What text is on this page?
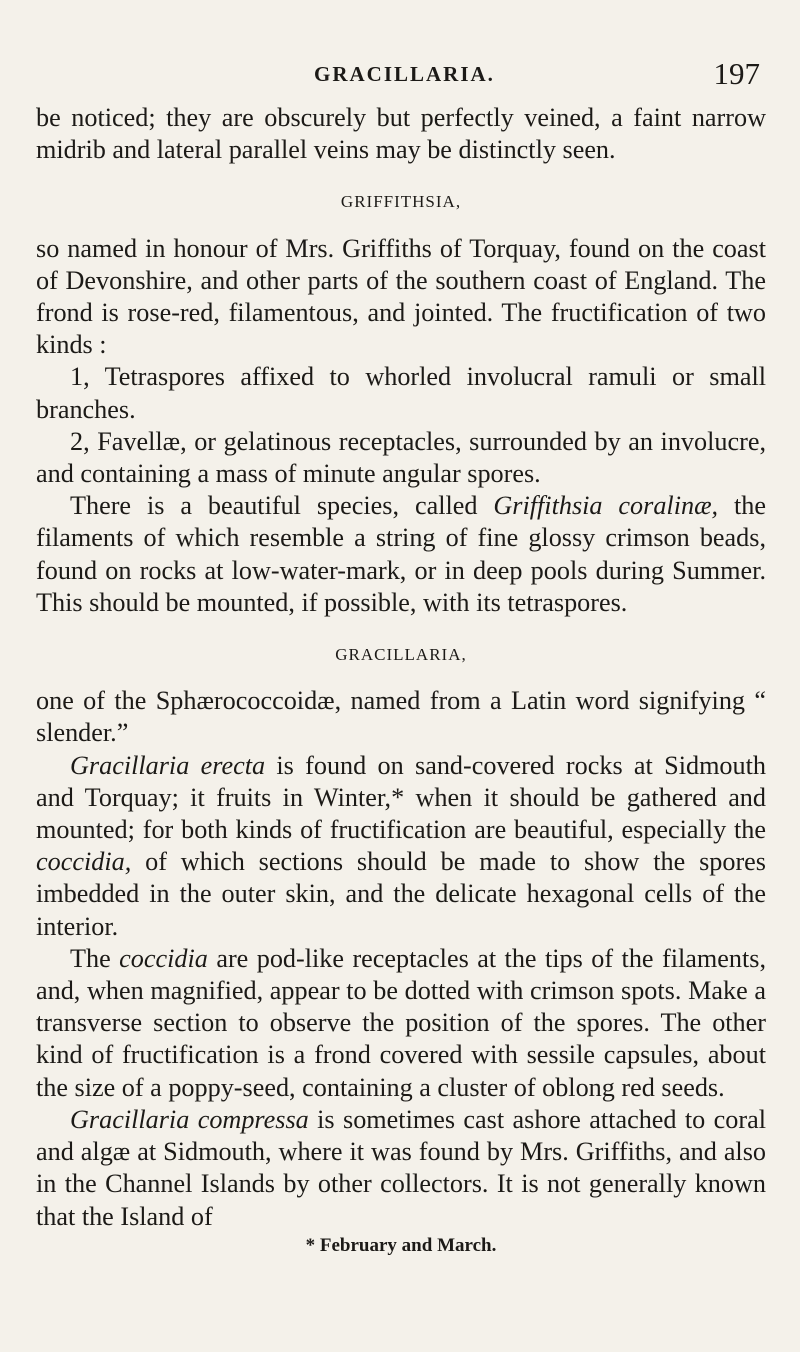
GRACILLARIA.	197

be noticed; they are obscurely but perfectly veined, a faint narrow midrib and lateral parallel veins may be distinctly seen.

GRIFFITHSIA,

so named in honour of Mrs. Griffiths of Torquay, found on the coast of Devonshire, and other parts of the southern coast of England. The frond is rose-red, filamentous, and jointed. The fructification of two kinds :

1, Tetraspores affixed to whorled involucral ramuli or small branches.

2, Favellæ, or gelatinous receptacles, surrounded by an involucre, and containing a mass of minute angular spores.

There is a beautiful species, called Griffithsia coralinæ, the filaments of which resemble a string of fine glossy crimson beads, found on rocks at low-water-mark, or in deep pools during Summer. This should be mounted, if possible, with its tetraspores.

GRACILLARIA,

one of the Sphærococcoidæ, named from a Latin word signifying “ slender.”

Gracillaria erecta is found on sand-covered rocks at Sidmouth and Torquay; it fruits in Winter,* when it should be gathered and mounted; for both kinds of fructification are beautiful, especially the coccidia, of which sections should be made to show the spores imbedded in the outer skin, and the delicate hexagonal cells of the interior.

The coccidia are pod-like receptacles at the tips of the filaments, and, when magnified, appear to be dotted with crimson spots. Make a transverse section to observe the position of the spores. The other kind of fructification is a frond covered with sessile capsules, about the size of a poppy-seed, containing a cluster of oblong red seeds.

Gracillaria compressa is sometimes cast ashore attached to coral and algæ at Sidmouth, where it was found by Mrs. Griffiths, and also in the Channel Islands by other collectors. It is not generally known that the Island of

* February and March.
